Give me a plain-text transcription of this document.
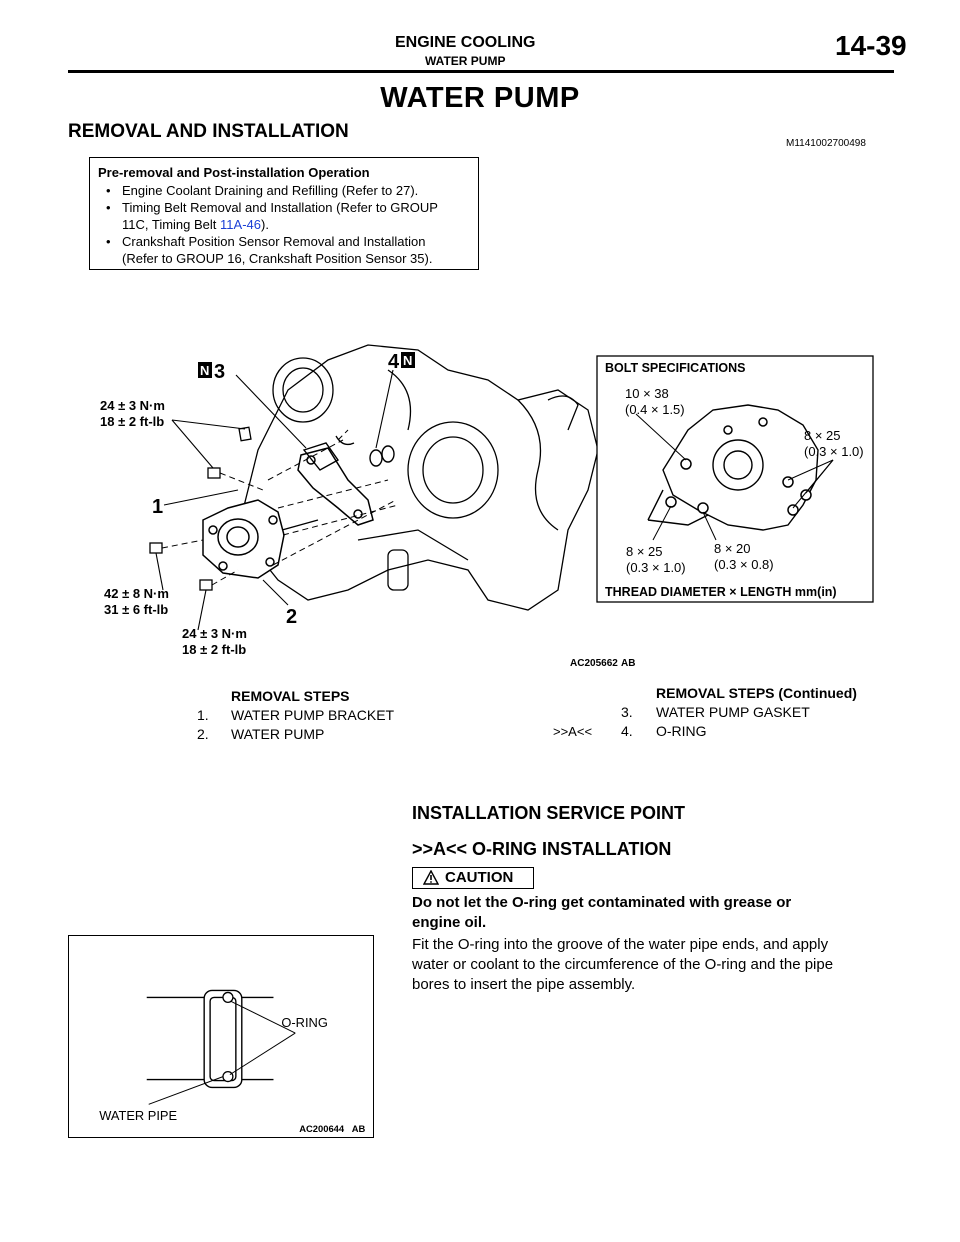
ENGINE COOLING
WATER PUMP	14-39
WATER PUMP
REMOVAL AND INSTALLATION
M1141002700498
Pre-removal and Post-installation Operation
• Engine Coolant Draining and Refilling (Refer to 27).
• Timing Belt Removal and Installation (Refer to GROUP
11C, Timing Belt 11A-46).
• Crankshaft Position Sensor Removal and Installation
(Refer to GROUP 16, Crankshaft Position Sensor 35).
24 ± 3 N·m
18 ± 2 ft-lb
42 ± 8 N·m
31 ± 6 ft-lb
24 ± 3 N·m
18 ± 2 ft-lb
1
2
N 3	4 N	BOLT SPECIFICATIONS
10 × 38
(0.4 × 1.5)
8 × 25
(0.3 × 1.0)
8 × 25
(0.3 × 1.0)
8 × 20
(0.3 × 0.8)
THREAD DIAMETER × LENGTH mm(in)
AC205662 AB
REMOVAL STEPS
1. WATER PUMP BRACKET
2. WATER PUMP
REMOVAL STEPS (Continued)
3. WATER PUMP GASKET
>>A<< 4. O-RING
INSTALLATION SERVICE POINT
>>A<< O-RING INSTALLATION
CAUTION
Do not let the O-ring get contaminated with grease or
engine oil.
Fit the O-ring into the groove of the water pipe ends, and apply
water or coolant to the circumference of the O-ring and the pipe
bores to insert the pipe assembly.
O-RING
WATER PIPE
AC200644 AB
